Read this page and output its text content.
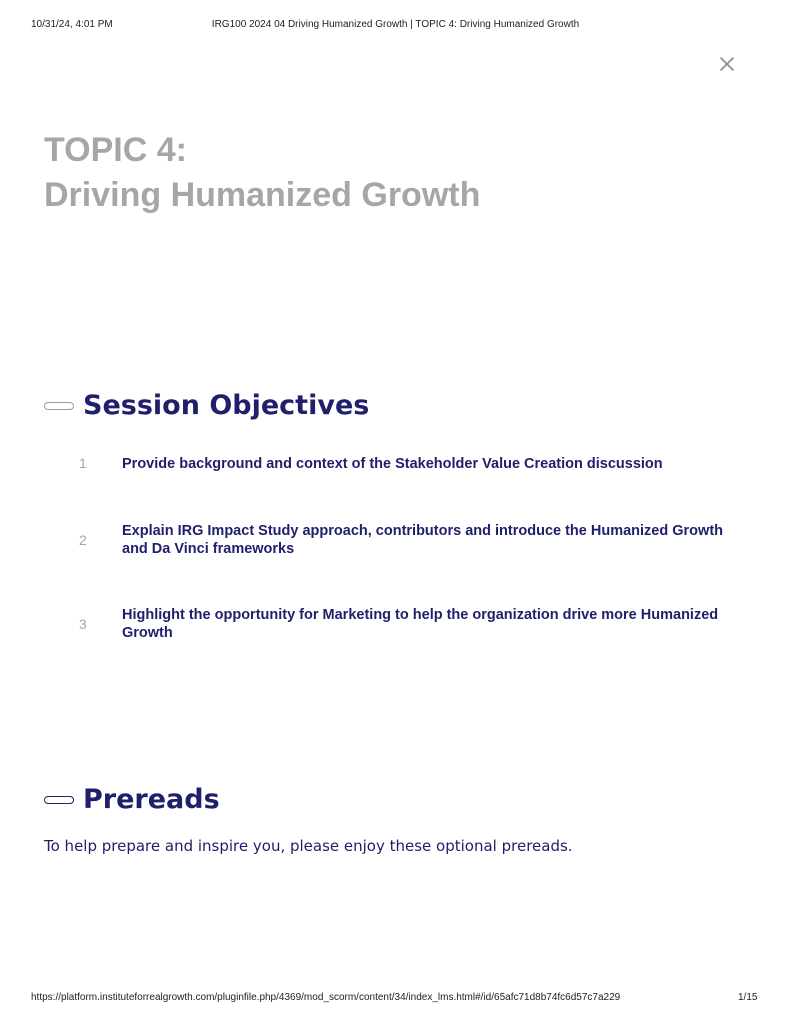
10/31/24, 4:01 PM	IRG100 2024 04 Driving Humanized Growth | TOPIC 4: Driving Humanized Growth
TOPIC 4:
Driving Humanized Growth
Session Objectives
1	Provide background and context of the Stakeholder Value Creation discussion
2
Explain IRG Impact Study approach, contributors and introduce the Humanized Growth and Da Vinci frameworks
3
Highlight the opportunity for Marketing to help the organization drive more Humanized Growth
Prereads

To help prepare and inspire you, please enjoy these optional prereads.

https://platform.instituteforrealgrowth.com/pluginfile.php/4369/mod_scorm/content/34/index_lms.html#/id/65afc71d8b74fc6d57c7a229	1/15
